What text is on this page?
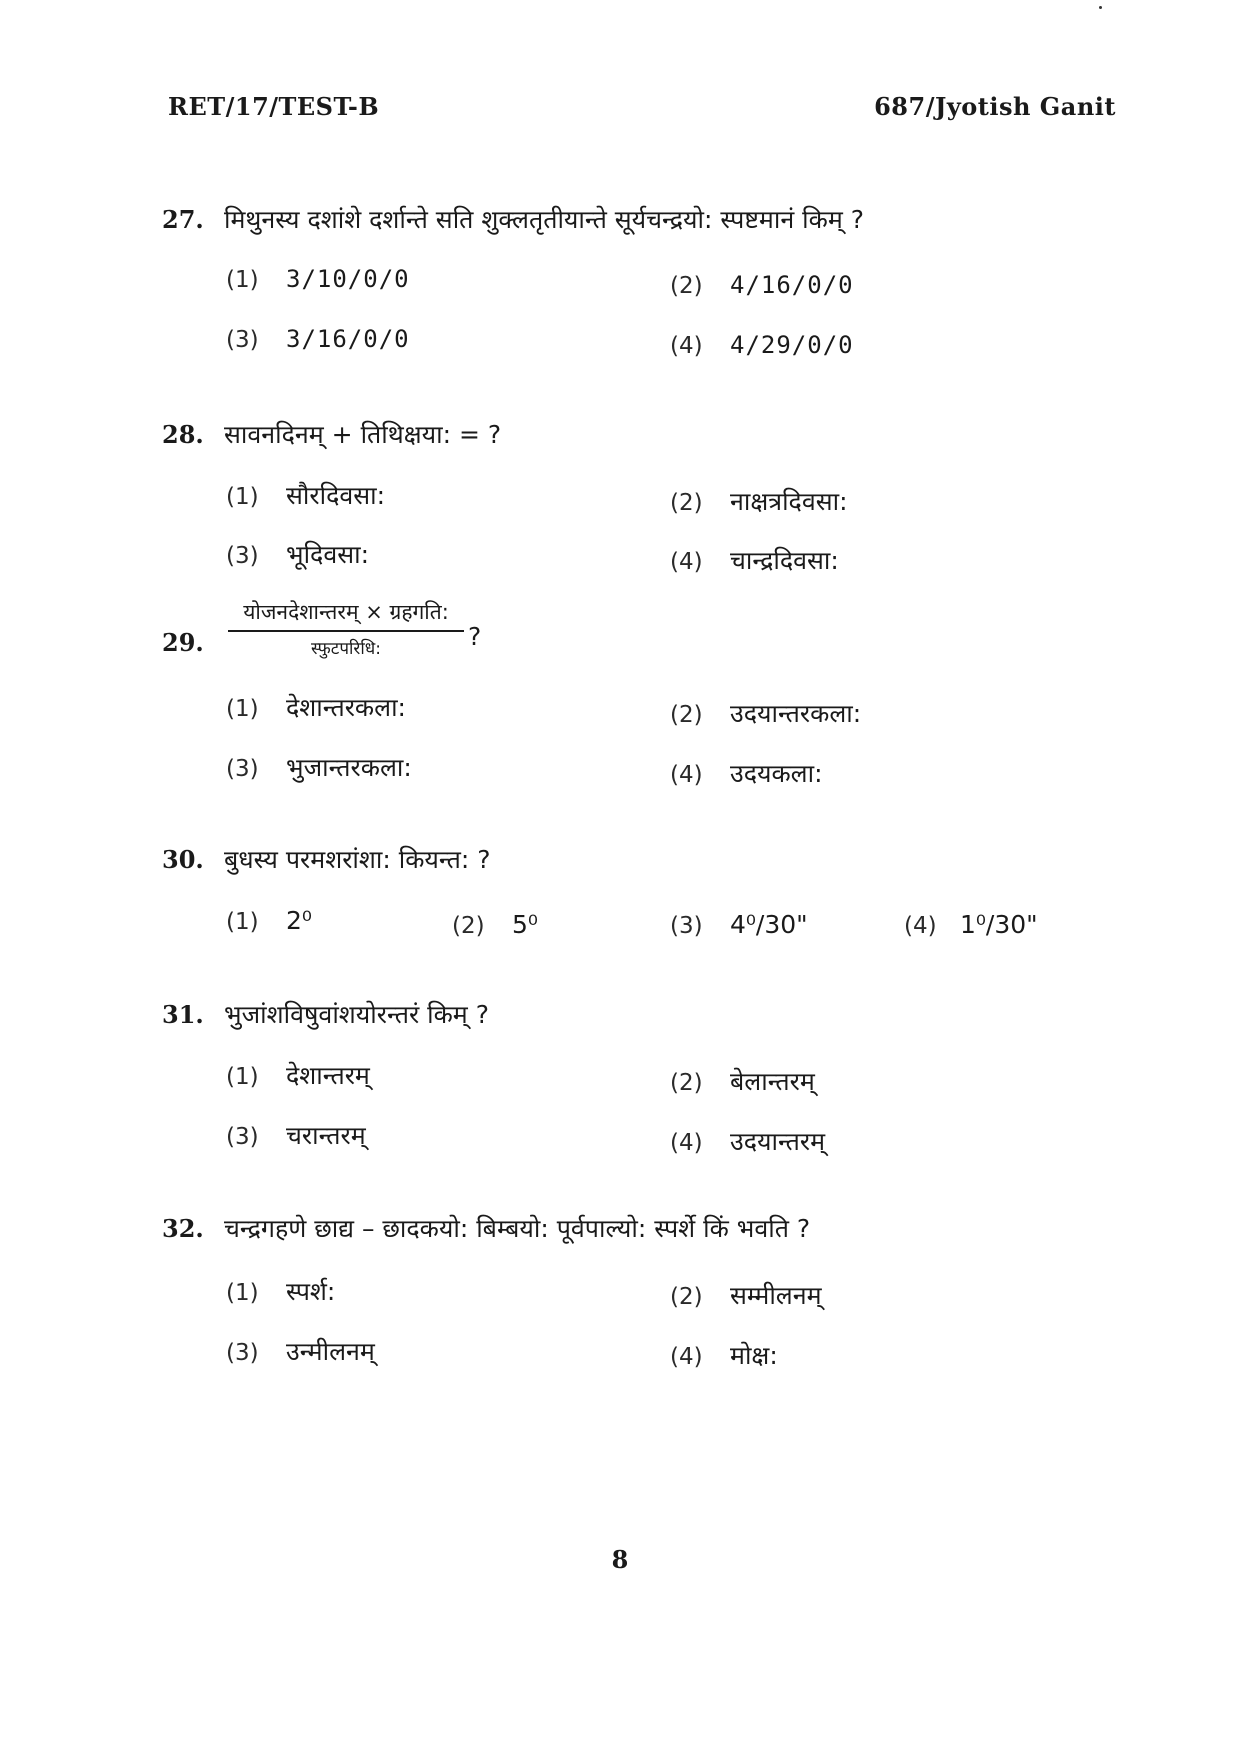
RET/17/TEST-B	687/Jyotish Ganit
27. मिथुनस्य दशांशे दर्शान्ते सति शुक्लतृतीयान्ते सूर्यचन्द्रयो: स्पष्टमानं किम् ?
(1) 3/10/0/0	(2) 4/16/0/0
(3) 3/16/0/0	(4) 4/29/0/0
28. सावनदिनम् + तिथिक्षया: = ?
(1) सौरदिवसा:	(2) नाक्षत्रदिवसा:
(3) भूदिवसा:	(4) चान्द्रदिवसा:
29.
योजनदेशान्तरम् × ग्रहगति:
स्फुटपरिधि:	?
(1) देशान्तरकला:	(2) उदयान्तरकला:
(3) भुजान्तरकला:	(4) उदयकला:
30. बुधस्य परमशरांशा: कियन्त: ?
(1) 2⁰	(2) 5⁰	(3) 4⁰/30"	(4) 1⁰/30"
31. भुजांशविषुवांशयोरन्तरं किम् ?
(1) देशान्तरम्	(2) बेलान्तरम्
(3) चरान्तरम्	(4) उदयान्तरम्
32. चन्द्रगहणे छाद्य – छादकयो: बिम्बयो: पूर्वपाल्यो: स्पर्शे किं भवति ?
(1) स्पर्श:	(2) सम्मीलनम्
(3) उन्मीलनम्	(4) मोक्ष:
8
